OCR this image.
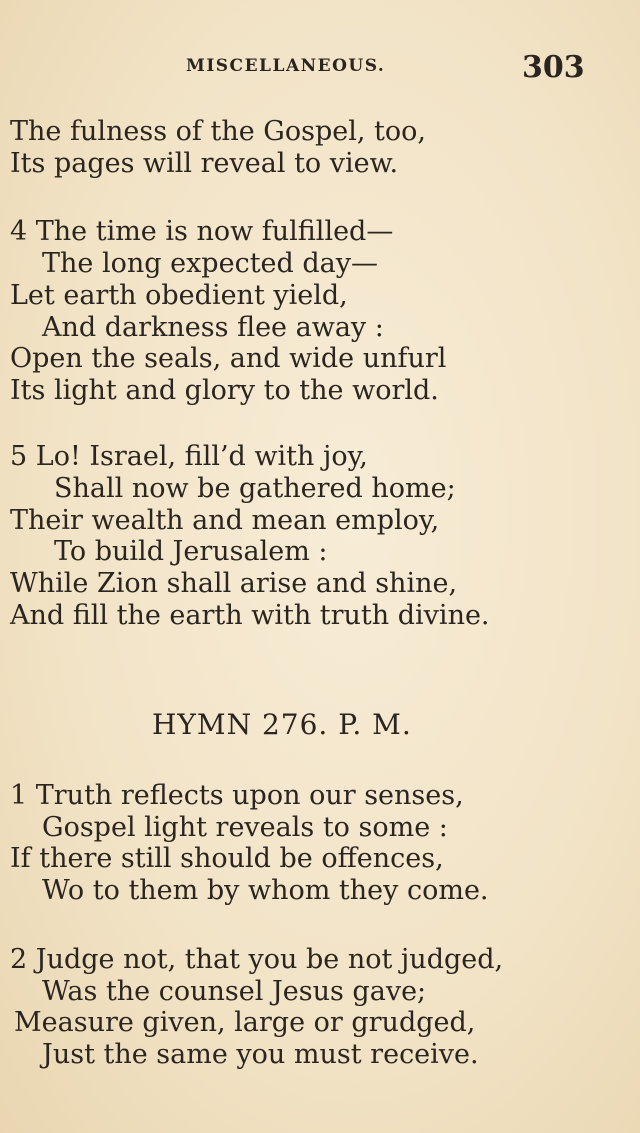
MISCELLANEOUS.	303
The fulness of the Gospel, too,
Its pages will reveal to view.
4 The time is now fulfilled—
The long expected day—
Let earth obedient yield,
And darkness flee away :
Open the seals, and wide unfurl
Its light and glory to the world.
5 Lo! Israel, fill’d with joy,
Shall now be gathered home;
Their wealth and mean employ,
To build Jerusalem :
While Zion shall arise and shine,
And fill the earth with truth divine.
HYMN 276. P. M.
1 Truth reflects upon our senses,
Gospel light reveals to some :
If there still should be offences,
Wo to them by whom they come.
2 Judge not, that you be not judged,
Was the counsel Jesus gave;
Measure given, large or grudged,
Just the same you must receive.
